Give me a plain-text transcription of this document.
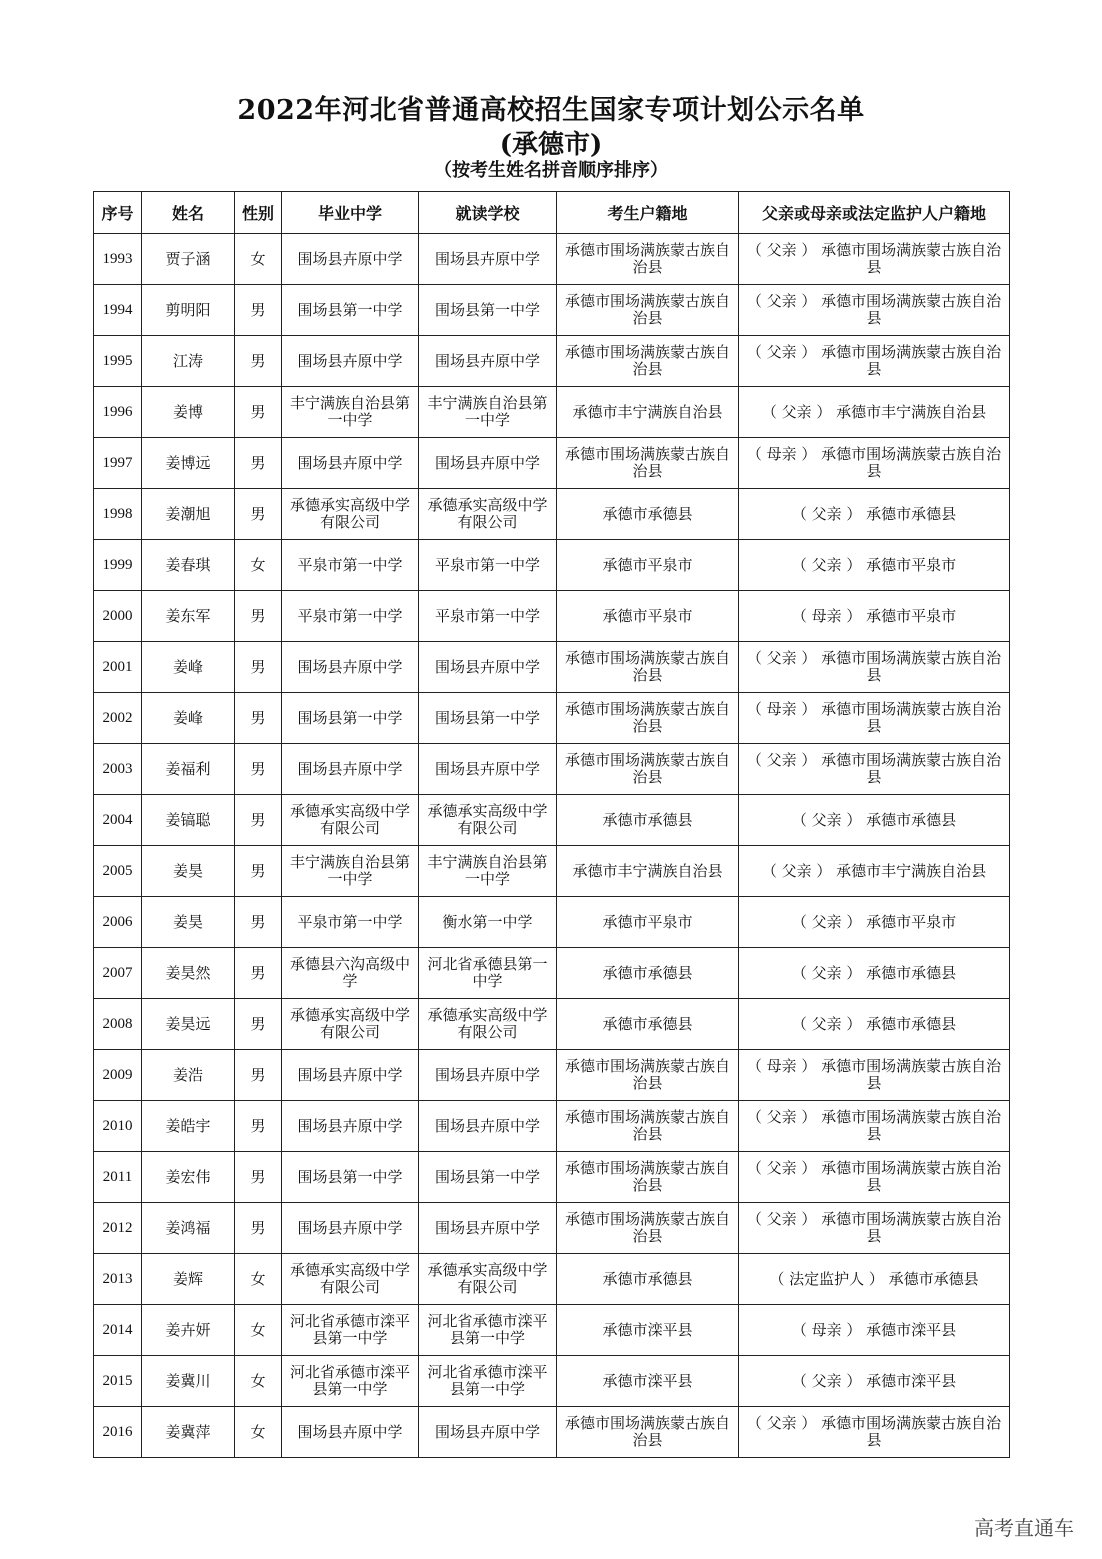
2022年河北省普通高校招生国家专项计划公示名单
(承德市)
（按考生姓名拼音顺序排序）
序号	姓名	性别	毕业中学	就读学校	考生户籍地	父亲或母亲或法定监护人户籍地
1993	贾子涵	女	围场县卉原中学	围场县卉原中学	承德市围场满族蒙古族自治县	（ 父亲 ） 承德市围场满族蒙古族自治县
1994	剪明阳	男	围场县第一中学	围场县第一中学	承德市围场满族蒙古族自治县	（ 父亲 ） 承德市围场满族蒙古族自治县
1995	江涛	男	围场县卉原中学	围场县卉原中学	承德市围场满族蒙古族自治县	（ 父亲 ） 承德市围场满族蒙古族自治县
1996	姜博	男	丰宁满族自治县第一中学	丰宁满族自治县第一中学	承德市丰宁满族自治县	（ 父亲 ） 承德市丰宁满族自治县
1997	姜博远	男	围场县卉原中学	围场县卉原中学	承德市围场满族蒙古族自治县	（ 母亲 ） 承德市围场满族蒙古族自治县
1998	姜潮旭	男	承德承实高级中学有限公司	承德承实高级中学有限公司	承德市承德县	（ 父亲 ） 承德市承德县
1999	姜春琪	女	平泉市第一中学	平泉市第一中学	承德市平泉市	（ 父亲 ） 承德市平泉市
2000	姜东军	男	平泉市第一中学	平泉市第一中学	承德市平泉市	（ 母亲 ） 承德市平泉市
2001	姜峰	男	围场县卉原中学	围场县卉原中学	承德市围场满族蒙古族自治县	（ 父亲 ） 承德市围场满族蒙古族自治县
2002	姜峰	男	围场县第一中学	围场县第一中学	承德市围场满族蒙古族自治县	（ 母亲 ） 承德市围场满族蒙古族自治县
2003	姜福利	男	围场县卉原中学	围场县卉原中学	承德市围场满族蒙古族自治县	（ 父亲 ） 承德市围场满族蒙古族自治县
2004	姜镐聪	男	承德承实高级中学有限公司	承德承实高级中学有限公司	承德市承德县	（ 父亲 ） 承德市承德县
2005	姜昊	男	丰宁满族自治县第一中学	丰宁满族自治县第一中学	承德市丰宁满族自治县	（ 父亲 ） 承德市丰宁满族自治县
2006	姜昊	男	平泉市第一中学	衡水第一中学	承德市平泉市	（ 父亲 ） 承德市平泉市
2007	姜昊然	男	承德县六沟高级中学	河北省承德县第一中学	承德市承德县	（ 父亲 ） 承德市承德县
2008	姜昊远	男	承德承实高级中学有限公司	承德承实高级中学有限公司	承德市承德县	（ 父亲 ） 承德市承德县
2009	姜浩	男	围场县卉原中学	围场县卉原中学	承德市围场满族蒙古族自治县	（ 母亲 ） 承德市围场满族蒙古族自治县
2010	姜皓宇	男	围场县卉原中学	围场县卉原中学	承德市围场满族蒙古族自治县	（ 父亲 ） 承德市围场满族蒙古族自治县
2011	姜宏伟	男	围场县第一中学	围场县第一中学	承德市围场满族蒙古族自治县	（ 父亲 ） 承德市围场满族蒙古族自治县
2012	姜鸿福	男	围场县卉原中学	围场县卉原中学	承德市围场满族蒙古族自治县	（ 父亲 ） 承德市围场满族蒙古族自治县
2013	姜辉	女	承德承实高级中学有限公司	承德承实高级中学有限公司	承德市承德县	（ 法定监护人 ） 承德市承德县
2014	姜卉妍	女	河北省承德市滦平县第一中学	河北省承德市滦平县第一中学	承德市滦平县	（ 母亲 ） 承德市滦平县
2015	姜冀川	女	河北省承德市滦平县第一中学	河北省承德市滦平县第一中学	承德市滦平县	（ 父亲 ） 承德市滦平县
2016	姜冀萍	女	围场县卉原中学	围场县卉原中学	承德市围场满族蒙古族自治县	（ 父亲 ） 承德市围场满族蒙古族自治县
高考直通车
